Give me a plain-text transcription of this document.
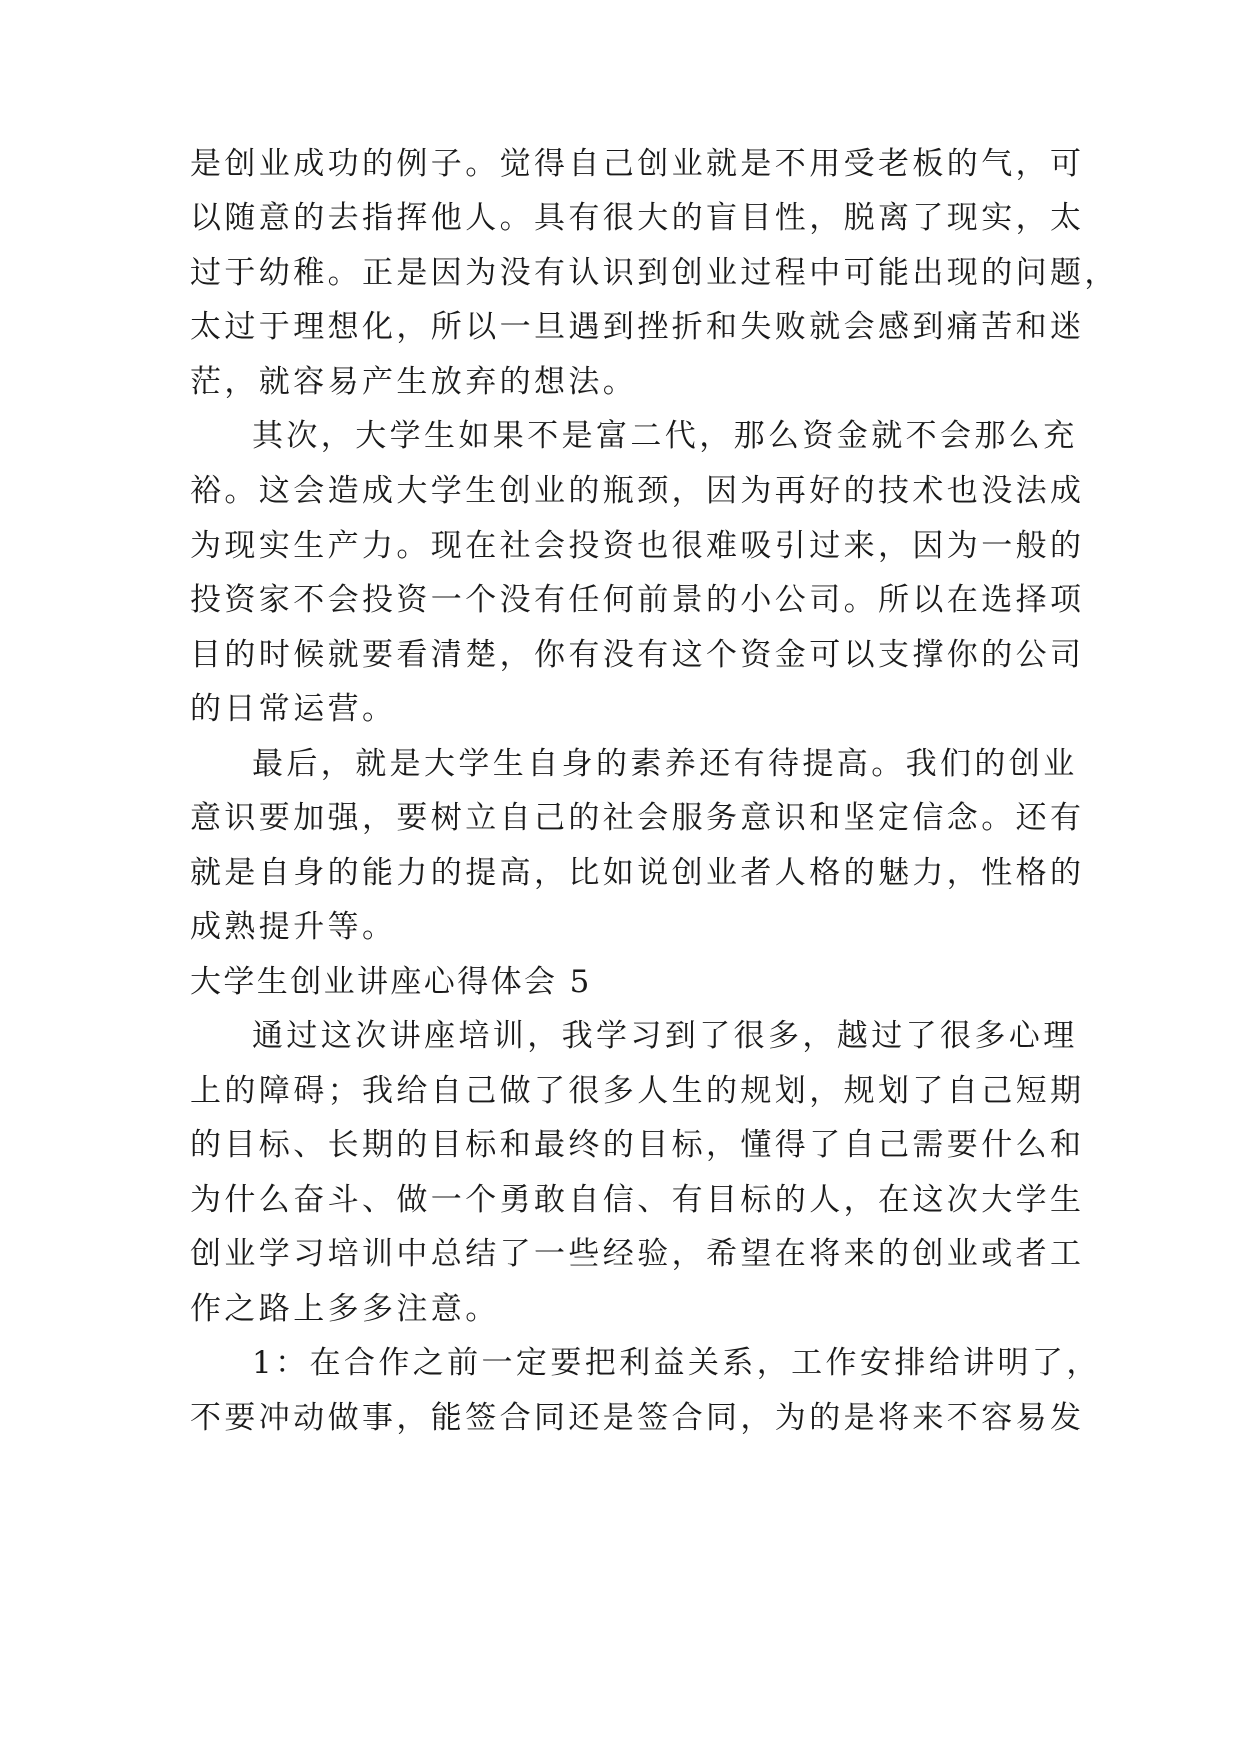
是创业成功的例子。觉得自己创业就是不用受老板的气，可
以随意的去指挥他人。具有很大的盲目性，脱离了现实，太
过于幼稚。正是因为没有认识到创业过程中可能出现的问题，
太过于理想化，所以一旦遇到挫折和失败就会感到痛苦和迷
茫，就容易产生放弃的想法。
其次，大学生如果不是富二代，那么资金就不会那么充
裕。这会造成大学生创业的瓶颈，因为再好的技术也没法成
为现实生产力。现在社会投资也很难吸引过来，因为一般的
投资家不会投资一个没有任何前景的小公司。所以在选择项
目的时候就要看清楚，你有没有这个资金可以支撑你的公司
的日常运营。
最后，就是大学生自身的素养还有待提高。我们的创业
意识要加强，要树立自己的社会服务意识和坚定信念。还有
就是自身的能力的提高，比如说创业者人格的魅力，性格的
成熟提升等。
大学生创业讲座心得体会 5
通过这次讲座培训，我学习到了很多，越过了很多心理
上的障碍；我给自己做了很多人生的规划，规划了自己短期
的目标、长期的目标和最终的目标，懂得了自己需要什么和
为什么奋斗、做一个勇敢自信、有目标的人，在这次大学生
创业学习培训中总结了一些经验，希望在将来的创业或者工
作之路上多多注意。
1：在合作之前一定要把利益关系，工作安排给讲明了，
不要冲动做事，能签合同还是签合同，为的是将来不容易发
